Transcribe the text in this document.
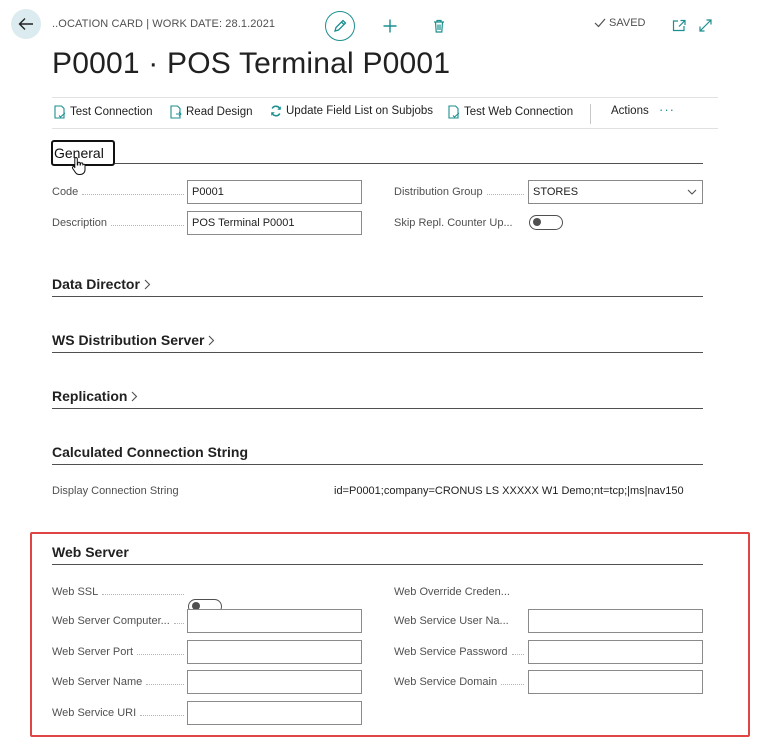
..OCATION CARD | WORK DATE: 28.1.2021	SAVED
P0001 · POS Terminal P0001
Test Connection	Read Design	Update Field List on Subjobs	Test Web Connection	Actions ···
General
Code	P0001
Description	POS Terminal P0001
Distribution Group	STORES
Skip Repl. Counter Up...
Data Director
WS Distribution Server
Replication
Calculated Connection String
Display Connection String	id=P0001;company=CRONUS LS XXXXX W1 Demo;nt=tcp;|ms|nav150
Web Server
Web SSL
Web Server Computer...
Web Server Port
Web Server Name
Web Service URI
Web Override Creden...
Web Service User Na...
Web Service Password
Web Service Domain
